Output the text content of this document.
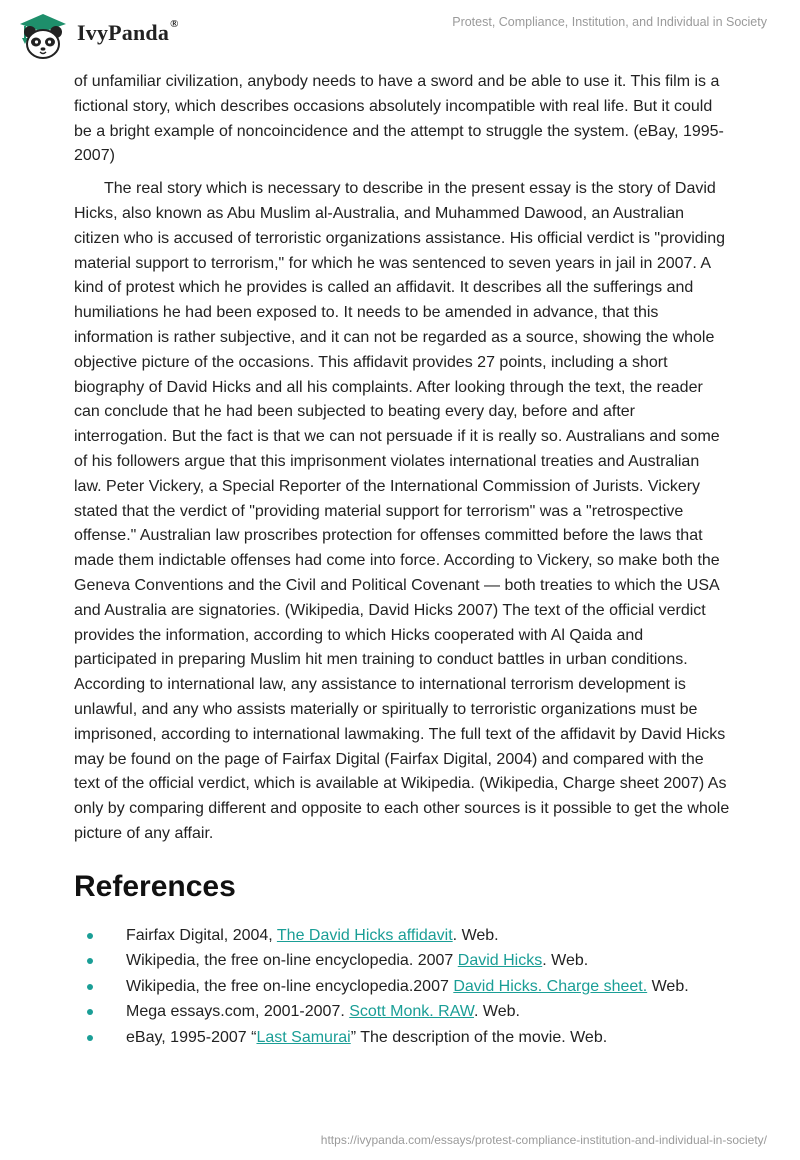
IvyPanda®	Protest, Compliance, Institution, and Individual in Society

of unfamiliar civilization, anybody needs to have a sword and be able to use it. This film is a fictional story, which describes occasions absolutely incompatible with real life. But it could be a bright example of noncoincidence and the attempt to struggle the system. (eBay, 1995-2007)

The real story which is necessary to describe in the present essay is the story of David Hicks, also known as Abu Muslim al-Australia, and Muhammed Dawood, an Australian citizen who is accused of terroristic organizations assistance. His official verdict is "providing material support to terrorism," for which he was sentenced to seven years in jail in 2007. A kind of protest which he provides is called an affidavit. It describes all the sufferings and humiliations he had been exposed to. It needs to be amended in advance, that this information is rather subjective, and it can not be regarded as a source, showing the whole objective picture of the occasions. This affidavit provides 27 points, including a short biography of David Hicks and all his complaints. After looking through the text, the reader can conclude that he had been subjected to beating every day, before and after interrogation. But the fact is that we can not persuade if it is really so. Australians and some of his followers argue that this imprisonment violates international treaties and Australian law. Peter Vickery, a Special Reporter of the International Commission of Jurists. Vickery stated that the verdict of "providing material support for terrorism" was a "retrospective offense." Australian law proscribes protection for offenses committed before the laws that made them indictable offenses had come into force. According to Vickery, so make both the Geneva Conventions and the Civil and Political Covenant — both treaties to which the USA and Australia are signatories. (Wikipedia, David Hicks 2007) The text of the official verdict provides the information, according to which Hicks cooperated with Al Qaida and participated in preparing Muslim hit men training to conduct battles in urban conditions. According to international law, any assistance to international terrorism development is unlawful, and any who assists materially or spiritually to terroristic organizations must be imprisoned, according to international lawmaking. The full text of the affidavit by David Hicks may be found on the page of Fairfax Digital (Fairfax Digital, 2004) and compared with the text of the official verdict, which is available at Wikipedia. (Wikipedia, Charge sheet 2007) As only by comparing different and opposite to each other sources is it possible to get the whole picture of any affair.

References
Fairfax Digital, 2004, The David Hicks affidavit. Web.
Wikipedia, the free on-line encyclopedia. 2007 David Hicks. Web.
Wikipedia, the free on-line encyclopedia.2007 David Hicks. Charge sheet. Web.
Mega essays.com, 2001-2007. Scott Monk. RAW. Web.
eBay, 1995-2007 “Last Samurai” The description of the movie. Web.
https://ivypanda.com/essays/protest-compliance-institution-and-individual-in-society/
